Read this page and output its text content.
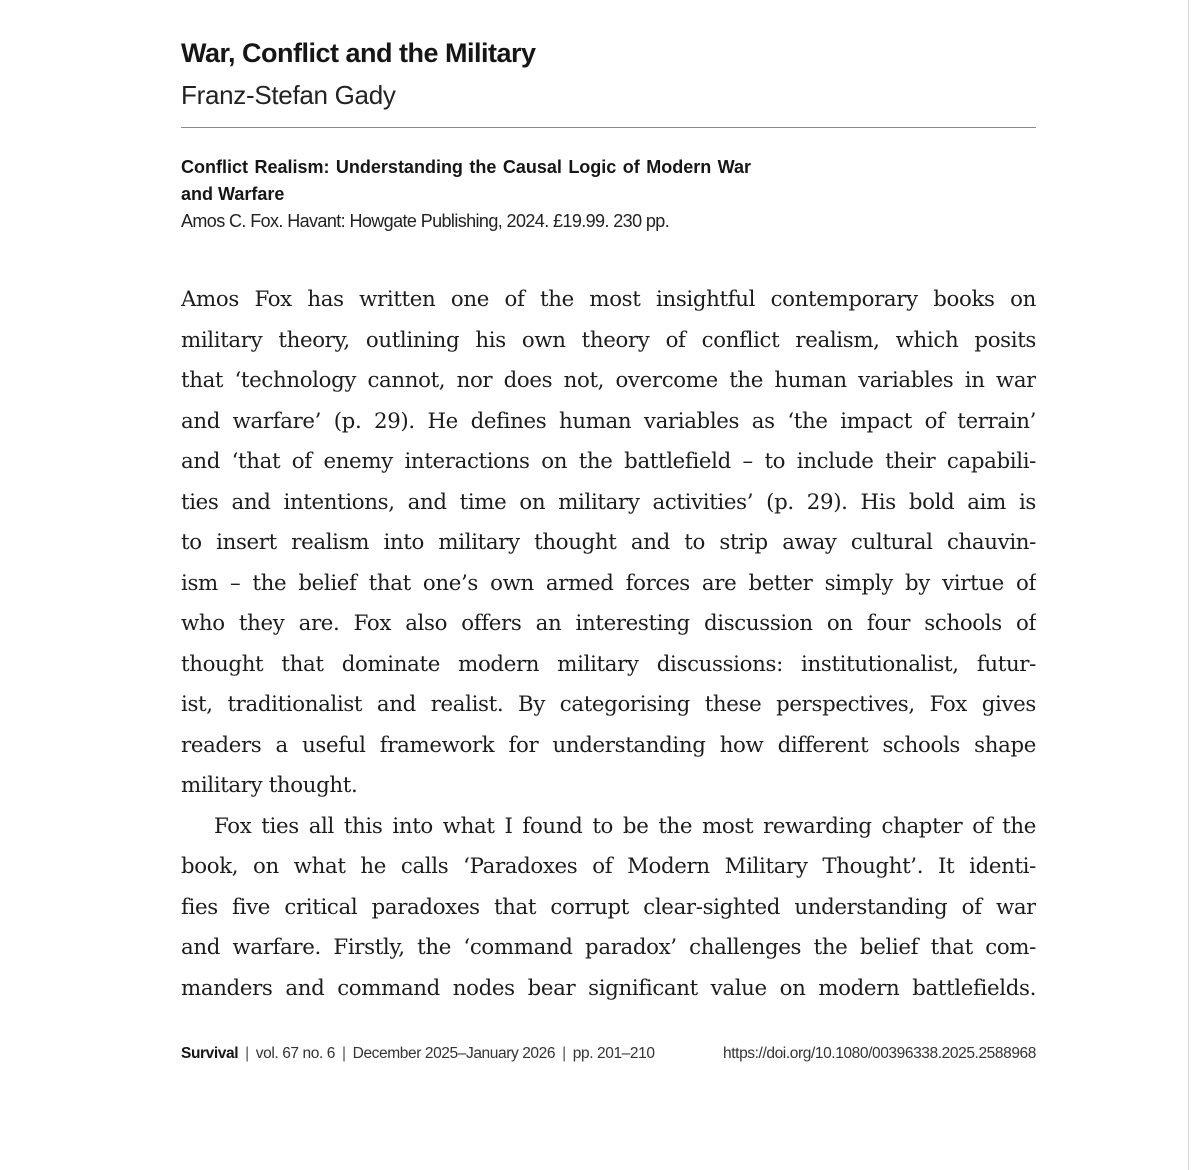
War, Conflict and the Military
Franz-Stefan Gady
Conflict Realism: Understanding the Causal Logic of Modern War and Warfare
Amos C. Fox. Havant: Howgate Publishing, 2024. £19.99. 230 pp.
Amos Fox has written one of the most insightful contemporary books on
military theory, outlining his own theory of conflict realism, which posits
that ‘technology cannot, nor does not, overcome the human variables in war
and warfare’ (p. 29). He defines human variables as ‘the impact of terrain’
and ‘that of enemy interactions on the battlefield – to include their capabili-
ties and intentions, and time on military activities’ (p. 29). His bold aim is
to insert realism into military thought and to strip away cultural chauvin-
ism – the belief that one’s own armed forces are better simply by virtue of
who they are. Fox also offers an interesting discussion on four schools of
thought that dominate modern military discussions: institutionalist, futur-
ist, traditionalist and realist. By categorising these perspectives, Fox gives
readers a useful framework for understanding how different schools shape
military thought.
Fox ties all this into what I found to be the most rewarding chapter of the
book, on what he calls ‘Paradoxes of Modern Military Thought’. It identi-
fies five critical paradoxes that corrupt clear-sighted understanding of war
and warfare. Firstly, the ‘command paradox’ challenges the belief that com-
manders and command nodes bear significant value on modern battlefields.
Survival | vol. 67 no. 6 | December 2025–January 2026 | pp. 201–210	https://doi.org/10.1080/00396338.2025.2588968
